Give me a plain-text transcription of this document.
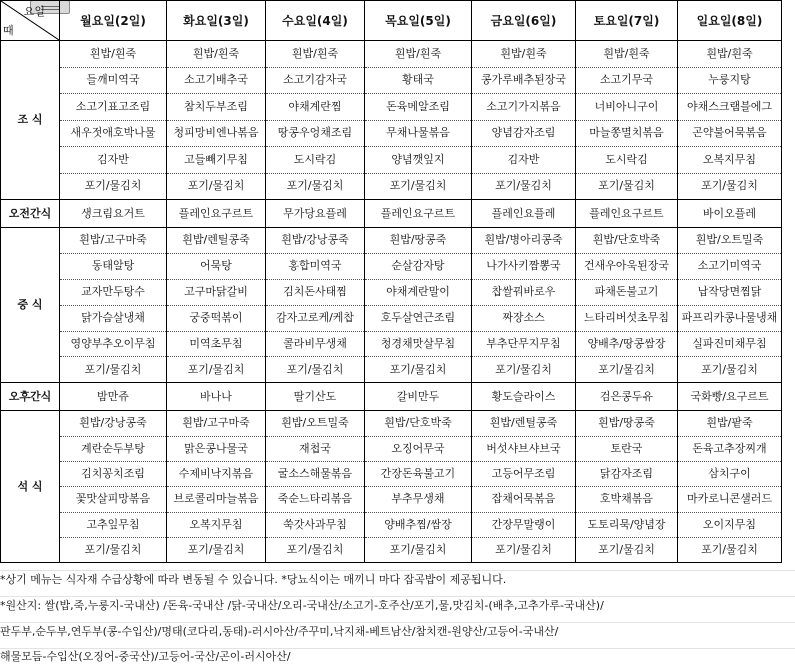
요일
때	월요일(2일)	화요일(3일)	수요일(4일)	목요일(5일)	금요일(6일)	토요일(7일)	일요일(8일)
조 식	흰밥/흰죽	흰밥/흰죽	흰밥/흰죽	흰밥/흰죽	흰밥/흰죽	흰밥/흰죽	흰밥/흰죽
	들깨미역국	소고기배추국	소고기감자국	황태국	콩가루배추된장국	소고기무국	누룽지탕
	소고기표고조림	참치두부조림	야채계란찜	돈육메알조림	소고기가지볶음	너비아니구이	야채스크램블에그
	새우젓애호박나물	청피망비엔나볶음	땅콩우엉채조림	무채나물볶음	양념감자조림	마늘쫑멸치볶음	곤약불어묵볶음
	김자반	고들빼기무침	도시락김	양념깻잎지	김자반	도시락김	오복지무침
	포기/물김치	포기/물김치	포기/물김치	포기/물김치	포기/물김치	포기/물김치	포기/물김치
오전간식	생크림요거트	플레인요구르트	무가당요플레	플레인요구르트	플레인요플레	플레인요구르트	바이오플레
중 식	흰밥/고구마죽	흰밥/렌틸콩죽	흰밥/강낭콩죽	흰밥/땅콩죽	흰밥/병아리콩죽	흰밥/단호박죽	흰밥/오트밀죽
	동태알탕	어묵탕	홍합미역국	순살감자탕	나가사키짬뽕국	건새우아욱된장국	소고기미역국
	교자만두탕수	고구마닭갈비	김치돈사태찜	야채계란말이	찹쌀꿔바로우	파채돈불고기	납작당면찜닭
	닭가슴살냉채	궁중떡볶이	감자고로케/케찹	호두살연근조림	짜장소스	느타리버섯초무침	파프리카콩나물냉채
	영양부추오이무침	미역초무침	콜라비무생채	청경채맛살무침	부추단무지무침	양배추/땅콩쌈장	실파진미채무침
	포기/물김치	포기/물김치	포기/물김치	포기/물김치	포기/물김치	포기/물김치	포기/물김치
오후간식	밤만쥬	바나나	딸기산도	갈비만두	황도슬라이스	검은콩두유	국화빵/요구르트
석 식	흰밥/강낭콩죽	흰밥/고구마죽	흰밥/오트밀죽	흰밥/단호박죽	흰밥/렌틸콩죽	흰밥/땅콩죽	흰밥/팥죽
	계란순두부탕	맑은콩나물국	재첩국	오징어무국	버섯샤브샤브국	토란국	돈육고추장찌개
	김치꽁치조림	수제비낙지볶음	굴소스해물볶음	간장돈육불고기	고등어무조림	닭감자조림	삼치구이
	꽃맛살피망볶음	브로콜리마늘볶음	죽순느타리볶음	부추무생채	잡채어묵볶음	호박채볶음	마카로니콘샐러드
	고추잎무침	오복지무침	쑥갓사과무침	양배추찜/쌈장	간장무말랭이	도토리묵/양념장	오이지무침
	포기/물김치	포기/물김치	포기/물김치	포기/물김치	포기/물김치	포기/물김치	포기/물김치
*상기 메뉴는 식자재 수급상황에 따라 변동될 수 있습니다. *당뇨식이는 매끼니 마다 잡곡밥이 제공됩니다.
*원산지: 쌀(밥,죽,누룽지-국내산) /돈육-국내산 /닭-국내산/오리-국내산/소고기-호주산/포기,물,맛김치-(배추,고추가루-국내산)/
판두부,순두부,연두부(콩-수입산)/명태(코다리,동태)-러시아산/주꾸미,낙지채-베트남산/참치캔-원양산/고등어-국내산/
해물모듬-수입산(오징어-중국산)/고등어-국산/곤이-러시아산/
